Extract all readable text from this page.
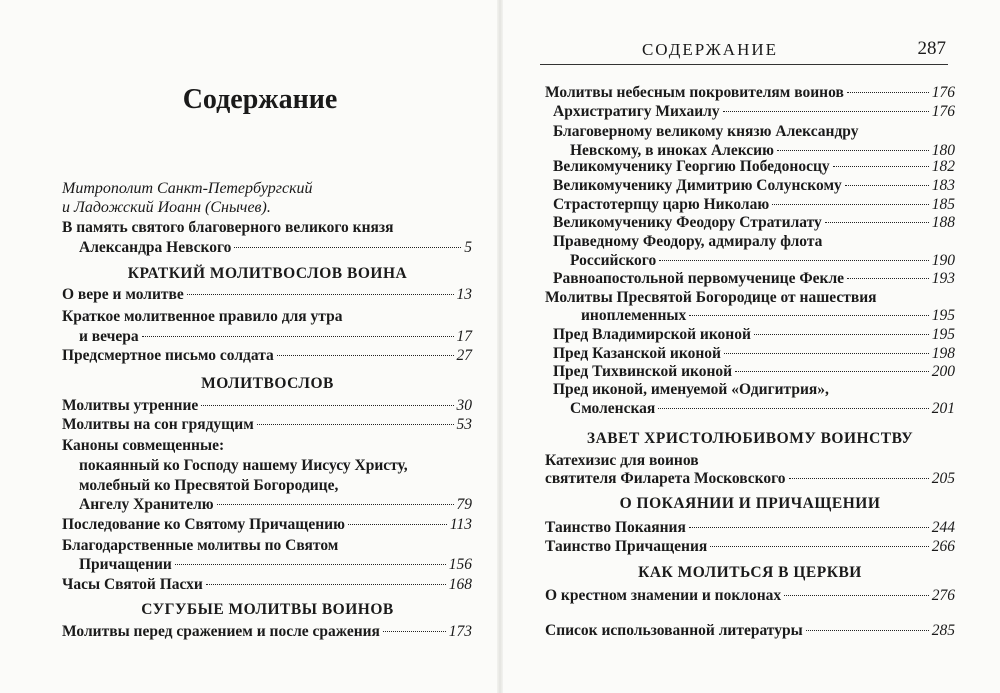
Содержание
Митрополит Санкт-Петербургский
и Ладожский Иоанн (Снычев).
В память святого благоверного великого князя
Александра Невского	5
КРАТКИЙ МОЛИТВОСЛОВ ВОИНА
О вере и молитве	13
Краткое молитвенное правило для утра
и вечера	17
Предсмертное письмо солдата	27
МОЛИТВОСЛОВ
Молитвы утренние	30
Молитвы на сон грядущим	53
Каноны совмещенные:
покаянный ко Господу нашему Иисусу Христу,
молебный ко Пресвятой Богородице,
Ангелу Хранителю	79
Последование ко Святому Причащению	113
Благодарственные молитвы по Святом
Причащении	156
Часы Святой Пасхи	168
СУГУБЫЕ МОЛИТВЫ ВОИНОВ
Молитвы перед сражением и после сражения	173
СОДЕРЖАНИЕ	287
Молитвы небесным покровителям воинов	176
Архистратигу Михаилу	176
Благоверному великому князю Александру
Невскому, в иноках Алексию	180
Великомученику Георгию Победоносцу	182
Великомученику Димитрию Солунскому	183
Страстотерпцу царю Николаю	185
Великомученику Феодору Стратилату	188
Праведному Феодору, адмиралу флота
Российского	190
Равноапостольной первомученице Фекле	193
Молитвы Пресвятой Богородице от нашествия
иноплеменных	195
Пред Владимирской иконой	195
Пред Казанской иконой	198
Пред Тихвинской иконой	200
Пред иконой, именуемой «Одигитрия»,
Смоленская	201
ЗАВЕТ ХРИСТОЛЮБИВОМУ ВОИНСТВУ
Катехизис для воинов
святителя Филарета Московского	205
О ПОКАЯНИИ И ПРИЧАЩЕНИИ
Таинство Покаяния	244
Таинство Причащения	266
КАК МОЛИТЬСЯ В ЦЕРКВИ
О крестном знамении и поклонах	276
Список использованной литературы	285
